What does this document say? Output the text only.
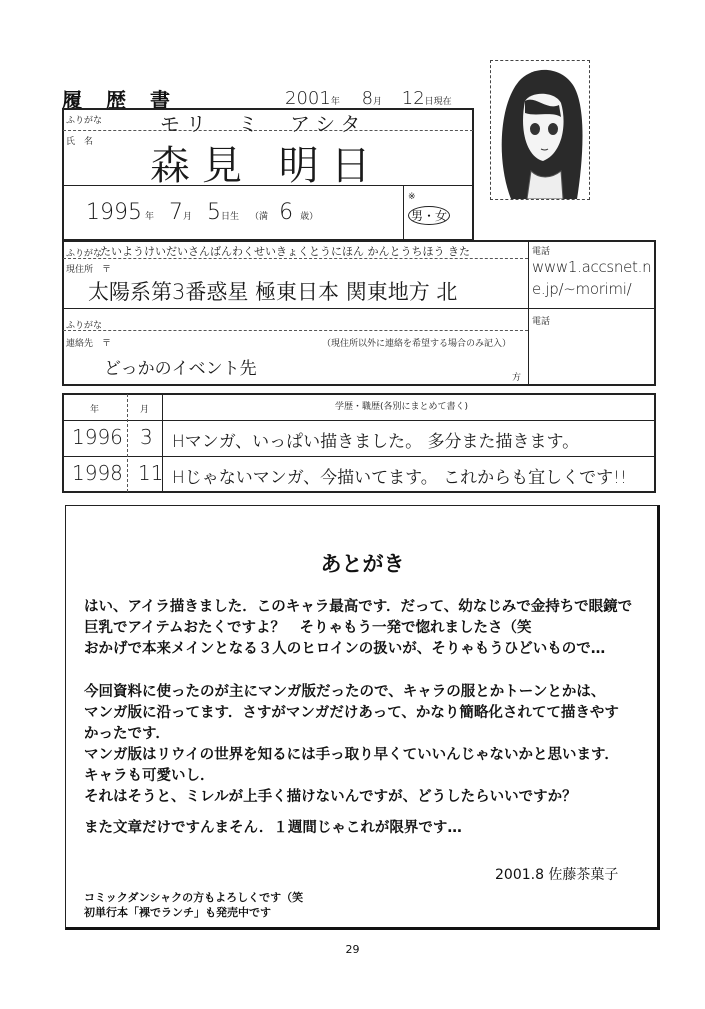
履　歴　書	2001年 8月 12日現在
ふりがな	モリ　ミ　アシタ
氏　名
森見 明日
1995 年 7月 5日生 （満 6 歳）
※
男・女
ふりがな
たいようけいだいさんばんわくせいきょくとうにほん かんとうちほう きた
現住所　〒
太陽系第3番惑星 極東日本 関東地方 北
電話
www1.accsnet.ne.jp/~morimi/
ふりがな
連絡先　〒	（現住所以外に連絡を希望する場合のみ記入）
どっかのイベント先	方
電話
年	月	学歴・職歴(各別にまとめて書く)
1996 3 Hマンガ、いっぱい描きました。 多分また描きます。
1998 11 Hじゃないマンガ、今描いてます。 これからも宜しくです!!
あとがき
はい、アイラ描きました．このキャラ最高です．だって、幼なじみで金持ちで眼鏡で
巨乳でアイテムおたくですよ？　そりゃもう一発で惚れましたさ（笑
おかげで本来メインとなる３人のヒロインの扱いが、そりゃもうひどいもので…
今回資料に使ったのが主にマンガ版だったので、キャラの服とかトーンとかは、
マンガ版に沿ってます．さすがマンガだけあって、かなり簡略化されてて描きやす
かったです．
マンガ版はリウイの世界を知るには手っ取り早くていいんじゃないかと思います．
キャラも可愛いし．
それはそうと、ミレルが上手く描けないんですが、どうしたらいいですか？
また文章だけですんまそん．１週間じゃこれが限界です…
2001.8 佐藤茶菓子
コミックダンシャクの方もよろしくです（笑
初単行本「裸でランチ」も発売中です
29
